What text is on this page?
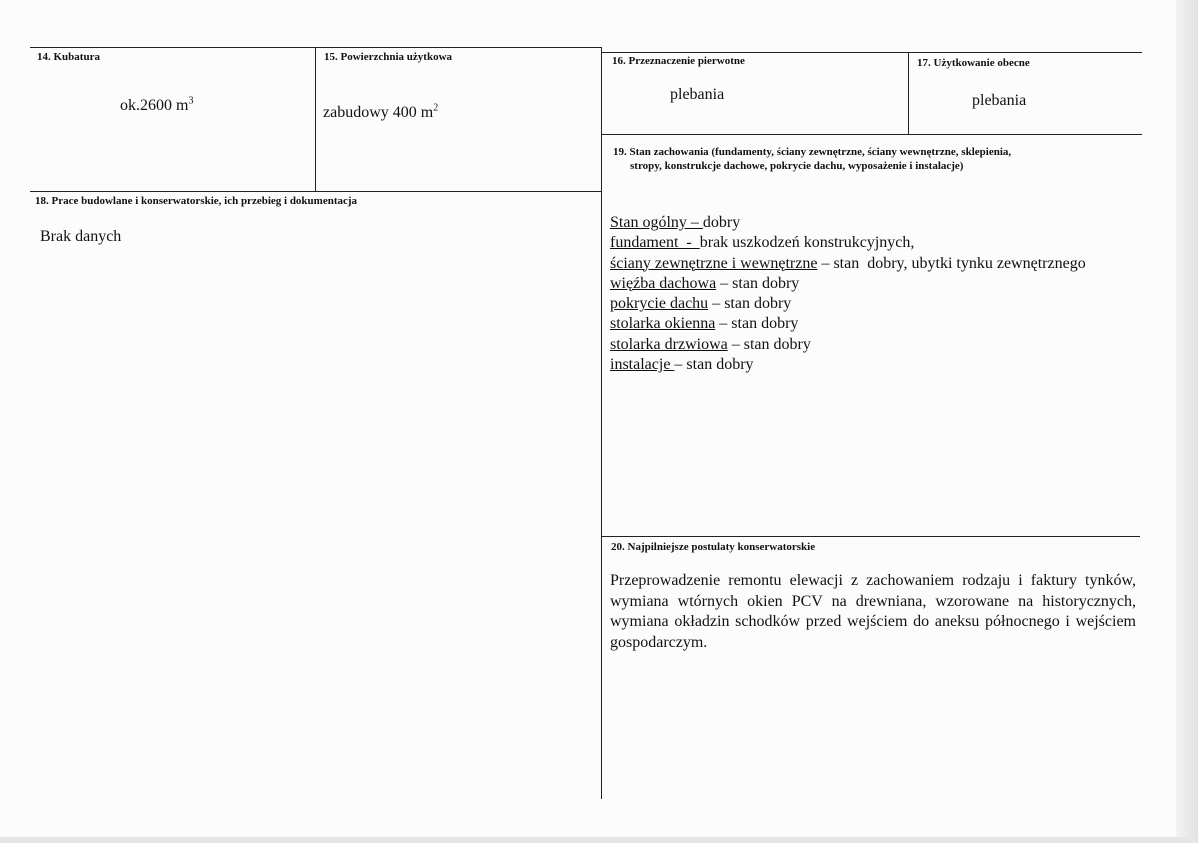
14. Kubatura
ok.2600 $m^3$
15. Powierzchnia użytkowa
zabudowy 400 $m^2$
16. Przeznaczenie pierwotne
plebania
17. Użytkowanie obecne
plebania
18. Prace budowlane i konserwatorskie, ich przebieg i dokumentacja
Brak danych
19. Stan zachowania (fundamenty, ściany zewnętrzne, ściany wewnętrzne, sklepienia,
stropy, konstrukcje dachowe, pokrycie dachu, wyposażenie i instalacje)
Stan ogólny – dobry
fundament  -  brak uszkodzeń konstrukcyjnych,
ściany zewnętrzne i wewnętrzne – stan  dobry, ubytki tynku zewnętrznego
więźba dachowa – stan dobry
pokrycie dachu – stan dobry
stolarka okienna – stan dobry
stolarka drzwiowa – stan dobry
instalacje – stan dobry
20. Najpilniejsze postulaty konserwatorskie
Przeprowadzenie remontu elewacji z zachowaniem rodzaju i faktury tynków, wymiana wtórnych okien PCV na drewniana, wzorowane na historycznych, wymiana okładzin schodków przed wejściem do aneksu północnego i wejściem gospodarczym.
